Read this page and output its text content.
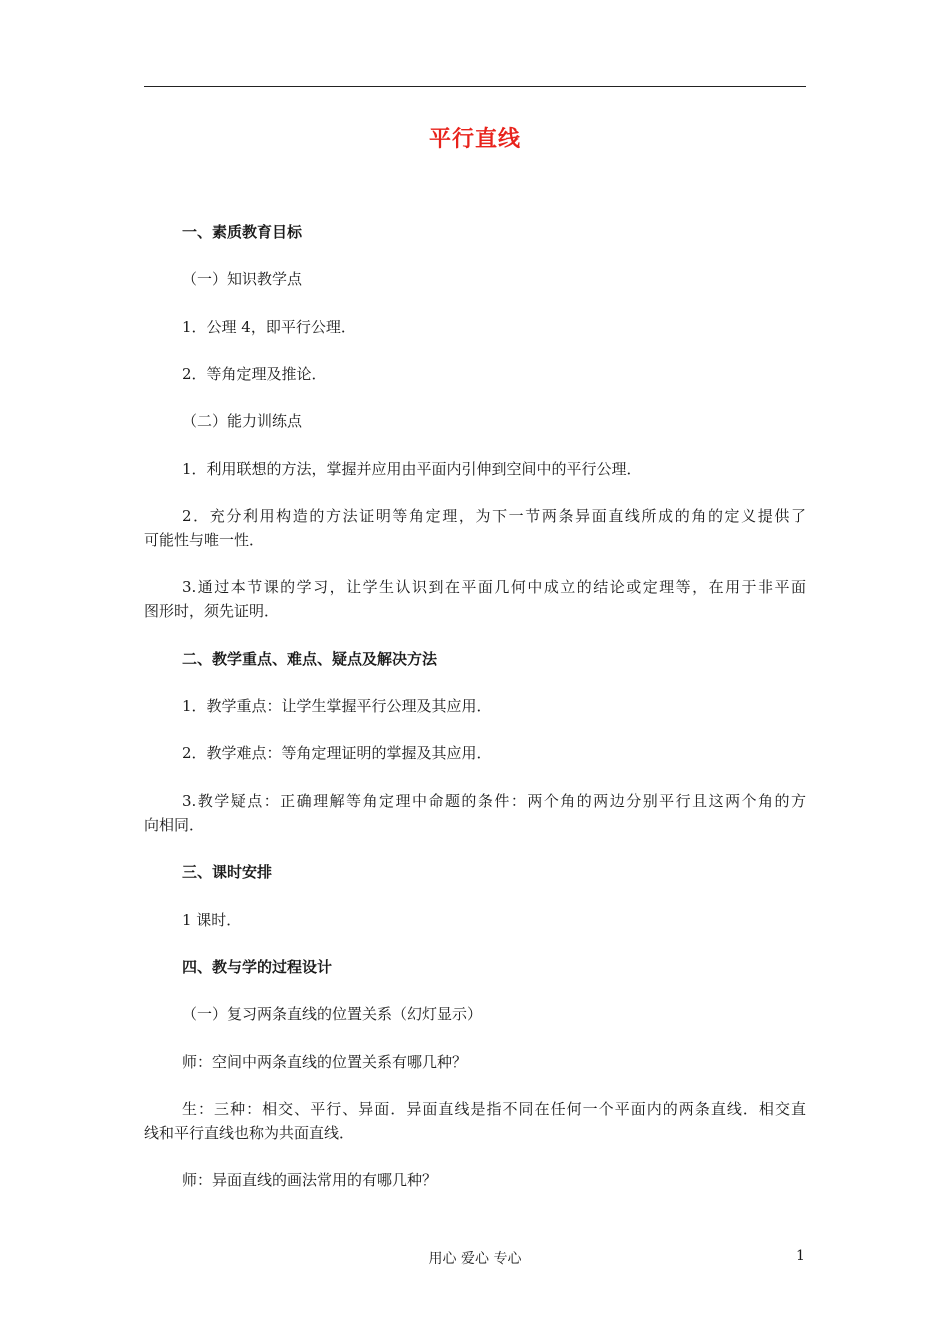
平行直线
一、素质教育目标
（一）知识教学点
1．公理 4，即平行公理．
2．等角定理及推论．
（二）能力训练点
1．利用联想的方法，掌握并应用由平面内引伸到空间中的平行公理．
2．充分利用构造的方法证明等角定理，为下一节两条异面直线所成的角的定义提供了
可能性与唯一性．
3.通过本节课的学习，让学生认识到在平面几何中成立的结论或定理等，在用于非平面
图形时，须先证明．
二、教学重点、难点、疑点及解决方法
1．教学重点：让学生掌握平行公理及其应用．
2．教学难点：等角定理证明的掌握及其应用．
3.教学疑点：正确理解等角定理中命题的条件：两个角的两边分别平行且这两个角的方
向相同．
三、课时安排
1 课时．
四、教与学的过程设计
（一）复习两条直线的位置关系（幻灯显示）
师：空间中两条直线的位置关系有哪几种？
生：三种：相交、平行、异面．异面直线是指不同在任何一个平面内的两条直线．相交直
线和平行直线也称为共面直线．
师：异面直线的画法常用的有哪几种？
用心 爱心 专心	1
